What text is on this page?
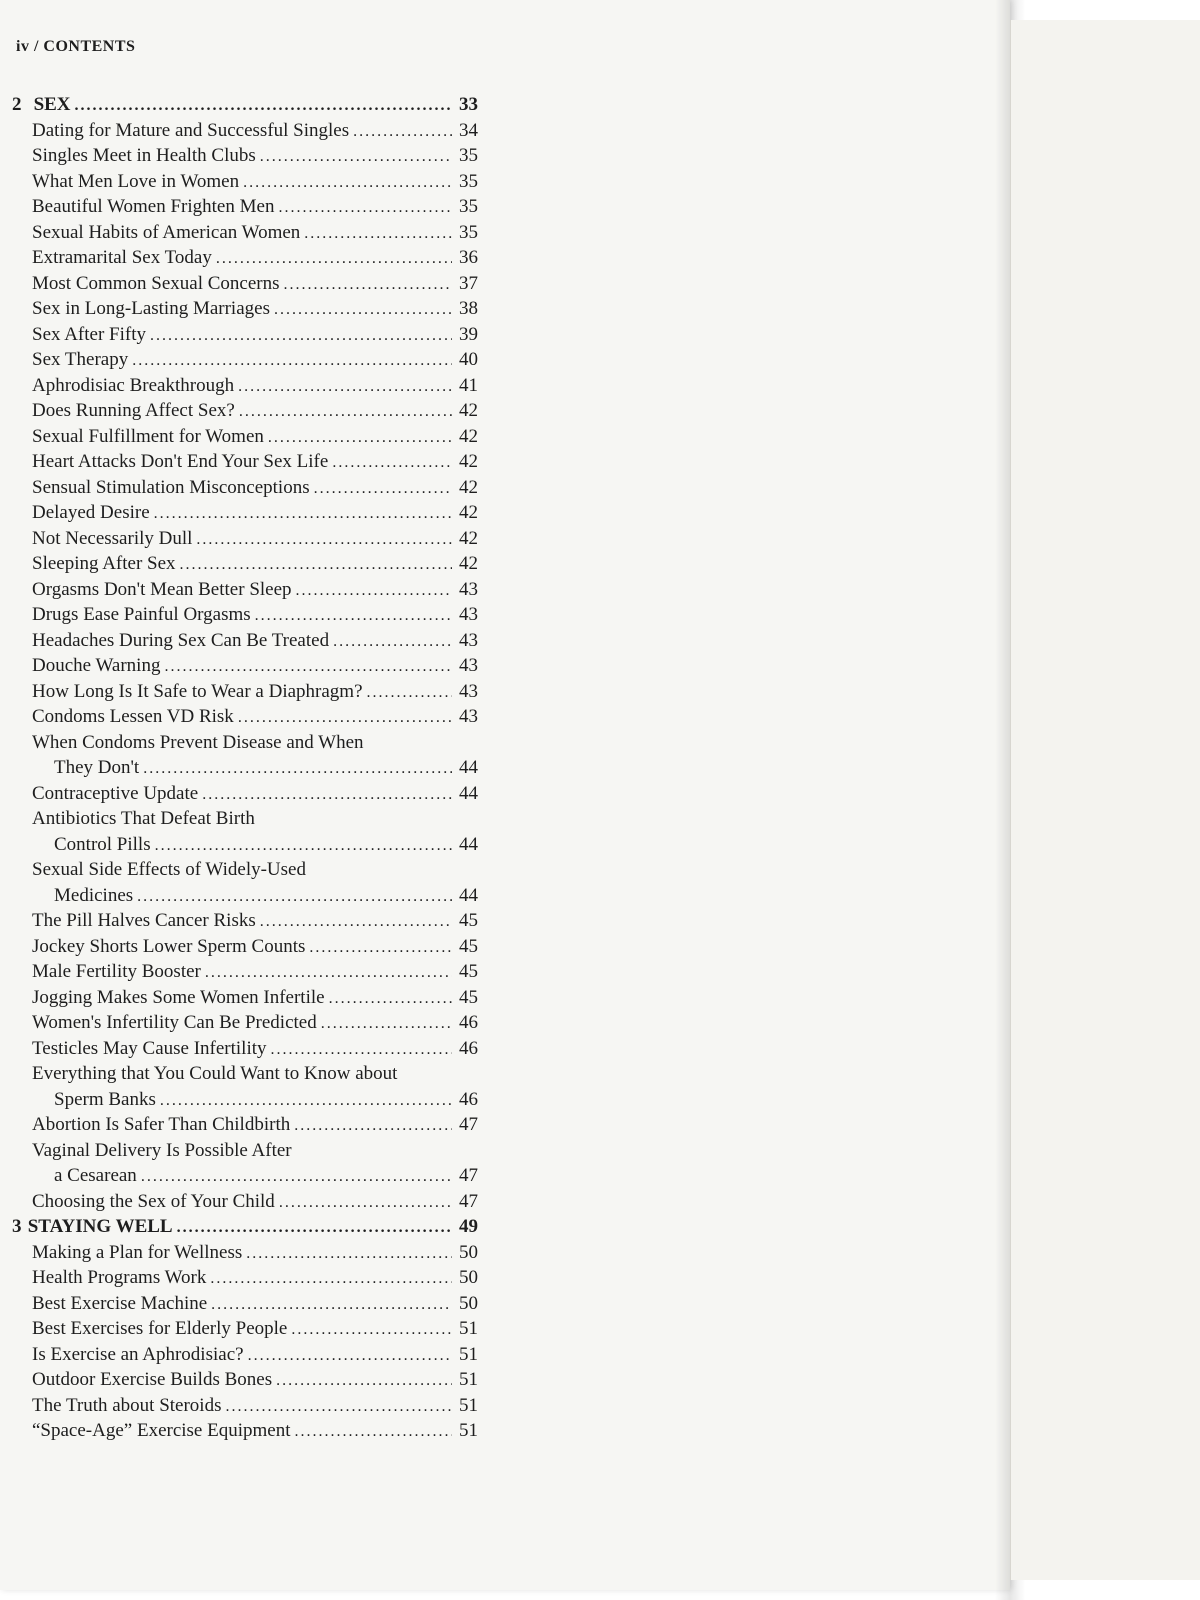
iv / CONTENTS
2 SEX . . .	33
Dating for Mature and Successful Singles . . .	34
Singles Meet in Health Clubs . . .	35
What Men Love in Women . . .	35
Beautiful Women Frighten Men . . .	35
Sexual Habits of American Women . . .	35
Extramarital Sex Today . . .	36
Most Common Sexual Concerns . . .	37
Sex in Long-Lasting Marriages . . .	38
Sex After Fifty . . .	39
Sex Therapy . . .	40
Aphrodisiac Breakthrough . . .	41
Does Running Affect Sex? . . .	42
Sexual Fulfillment for Women . . .	42
Heart Attacks Don't End Your Sex Life . . .	42
Sensual Stimulation Misconceptions . . .	42
Delayed Desire . . .	42
Not Necessarily Dull . . .	42
Sleeping After Sex . . .	42
Orgasms Don't Mean Better Sleep . . .	43
Drugs Ease Painful Orgasms . . .	43
Headaches During Sex Can Be Treated . . .	43
Douche Warning . . .	43
How Long Is It Safe to Wear a Diaphragm? . . .	43
Condoms Lessen VD Risk . . .	43
When Condoms Prevent Disease and When
They Don't . . .	44
Contraceptive Update . . .	44
Antibiotics That Defeat Birth
Control Pills . . .	44
Sexual Side Effects of Widely-Used
Medicines . . .	44
The Pill Halves Cancer Risks . . .	45
Jockey Shorts Lower Sperm Counts . . .	45
Male Fertility Booster . . .	45
Jogging Makes Some Women Infertile . . .	45
Women's Infertility Can Be Predicted . . .	46
Testicles May Cause Infertility . . .	46
Everything that You Could Want to Know about
Sperm Banks . . .	46
Abortion Is Safer Than Childbirth . . .	47
Vaginal Delivery Is Possible After
a Cesarean . . .	47
Choosing the Sex of Your Child . . .	47
3 STAYING WELL . . .	49
Making a Plan for Wellness . . .	50
Health Programs Work . . .	50
Best Exercise Machine . . .	50
Best Exercises for Elderly People . . .	51
Is Exercise an Aphrodisiac? . . .	51
Outdoor Exercise Builds Bones . . .	51
The Truth about Steroids . . .	51
“Space-Age” Exercise Equipment . . .	51
